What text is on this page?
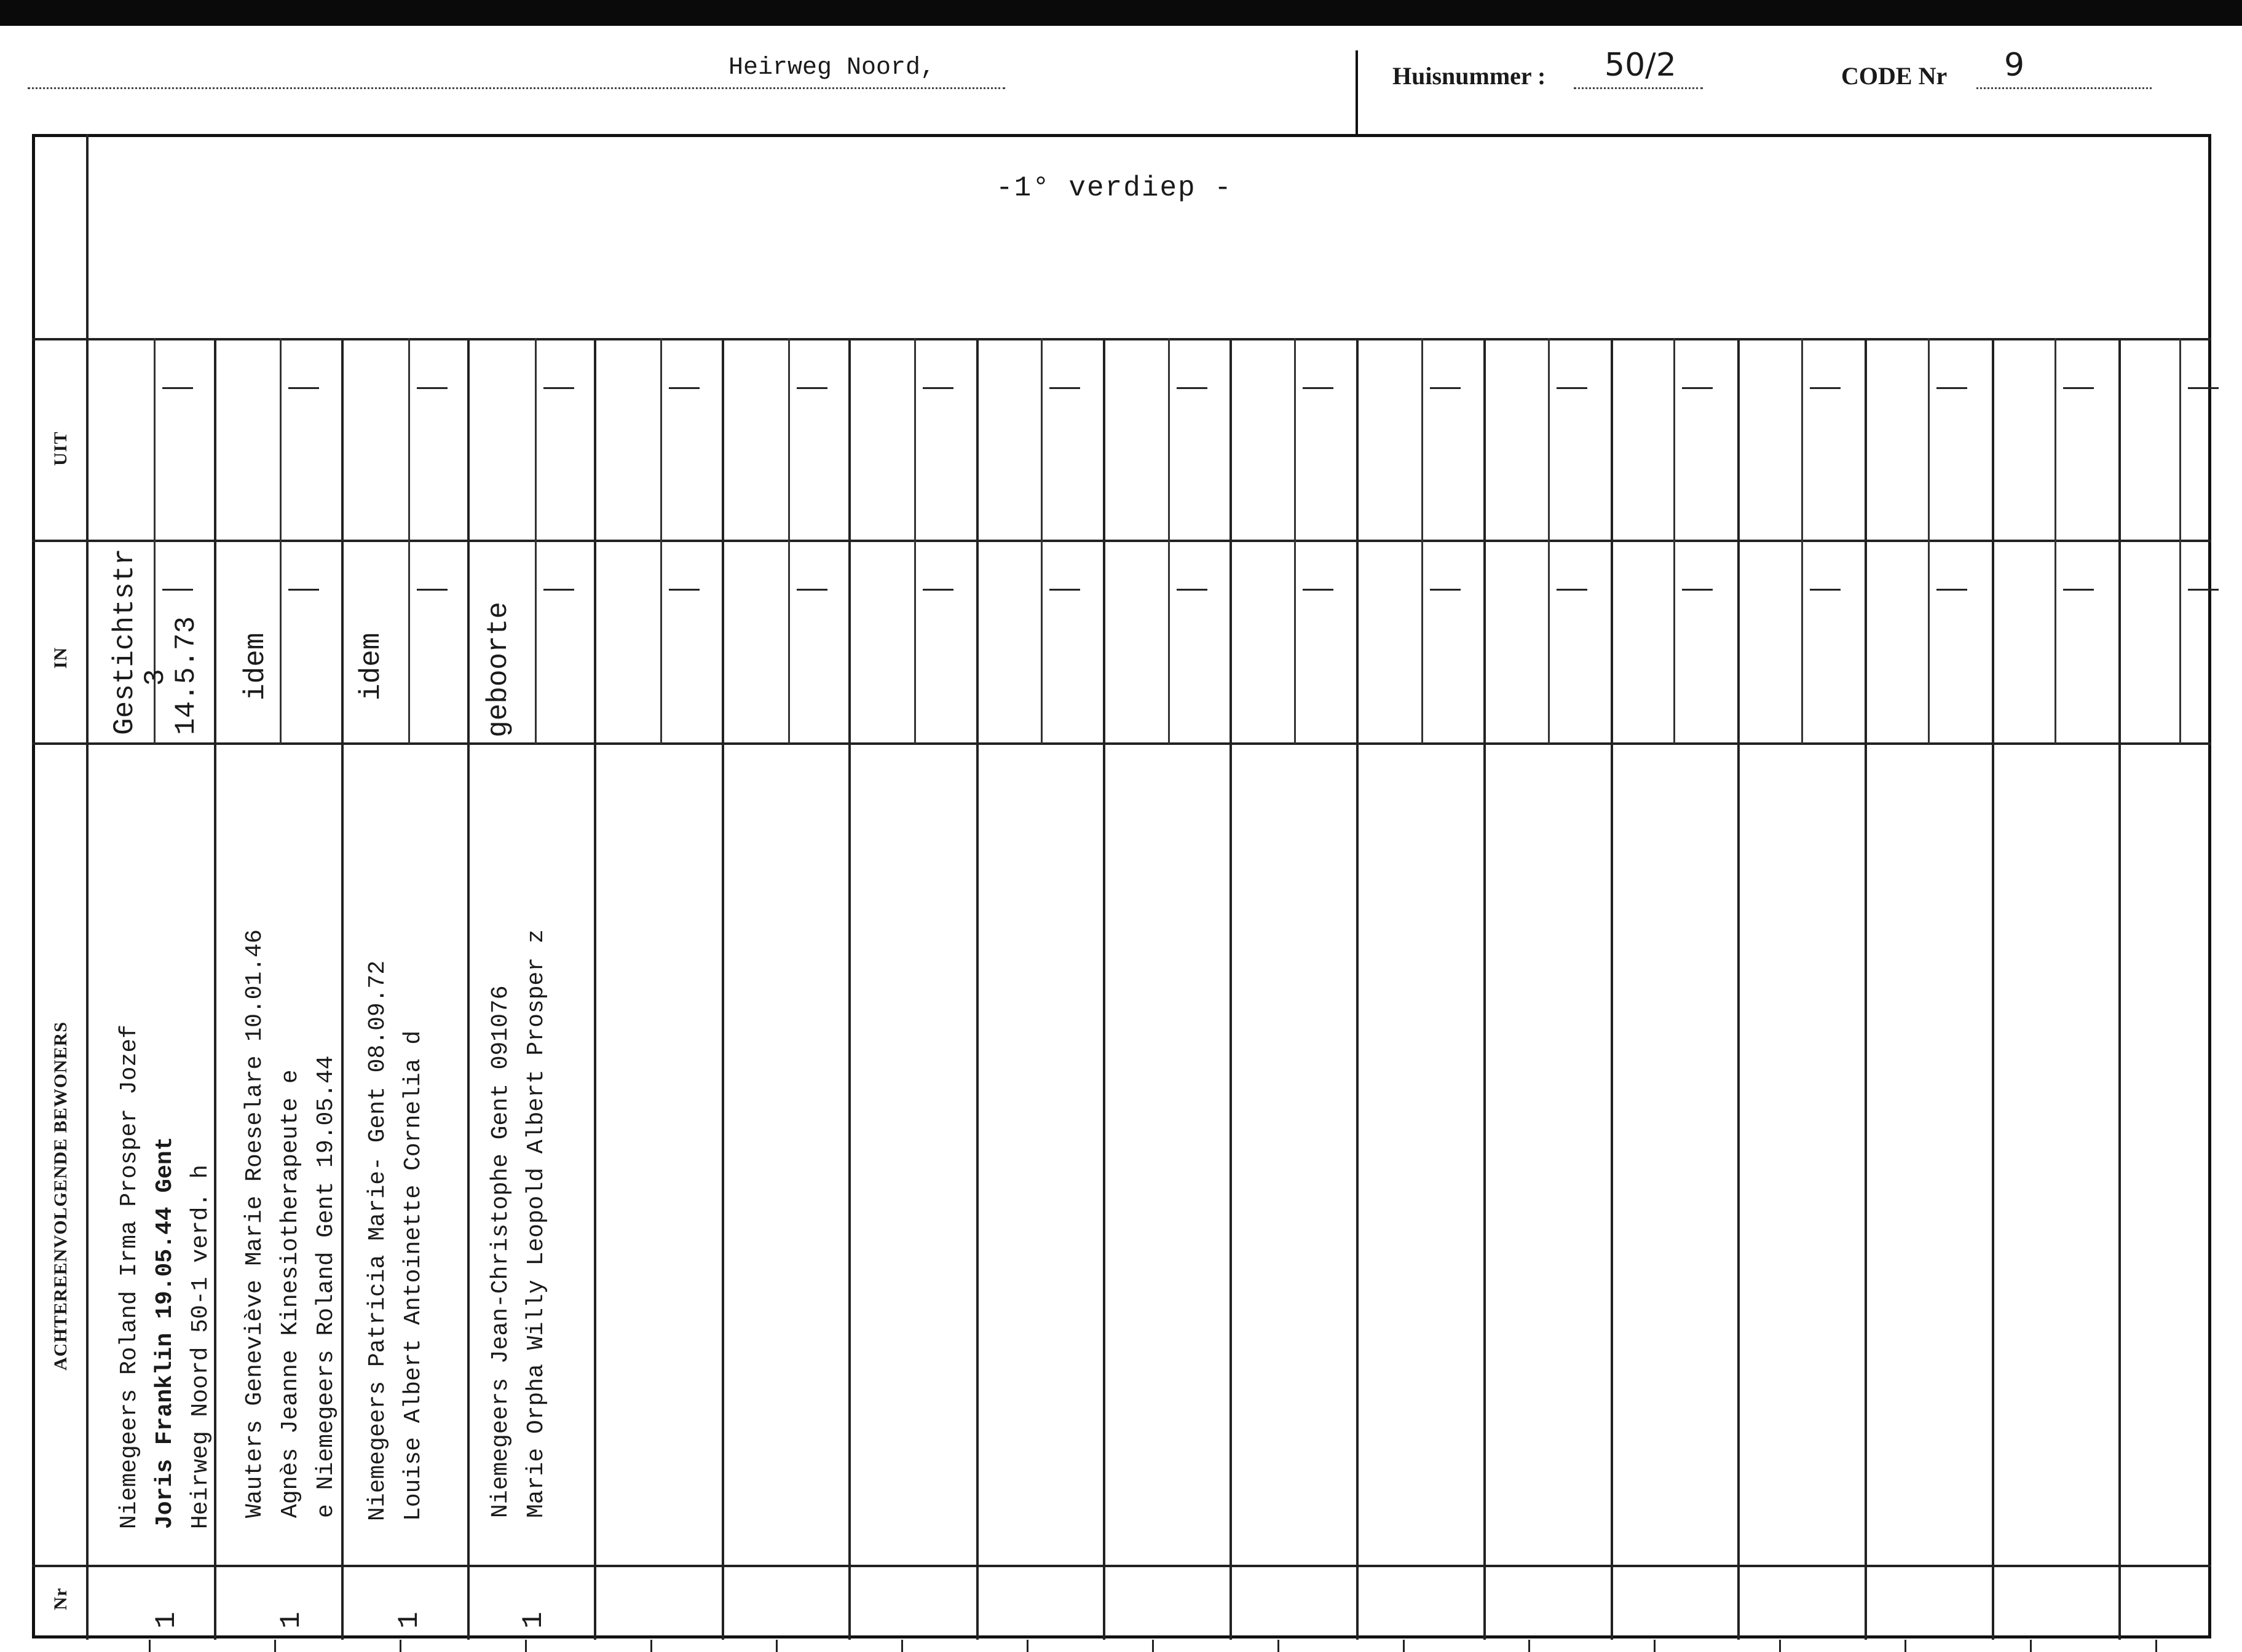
Heirweg Noord,	Huisnummer : 50/2	CODE Nr 9
-1° verdiep -
UIT
IN
ACHTEREENVOLGENDE BEWONERS
Nr
Gestichtstr
3
14.5.73
Niemegeers Roland Irma Prosper Jozef Joris Franklin 19.05.44 Gent Heirweg Noord 50-1 verd. h
1
idem
Wauters Geneviève Marie Roeselare 10.01.46 Agnès Jeanne Kinesiotherapeute e e Niemegeers Roland Gent 19.05.44
1
idem
Niemegeers Patricia Marie- Gent 08.09.72 Louise Albert Antoinette Cornelia d
1
geboorte
Niemegeers Jean-Christophe Gent 091076 Marie Orpha Willy Leopold Albert Prosper z
1
